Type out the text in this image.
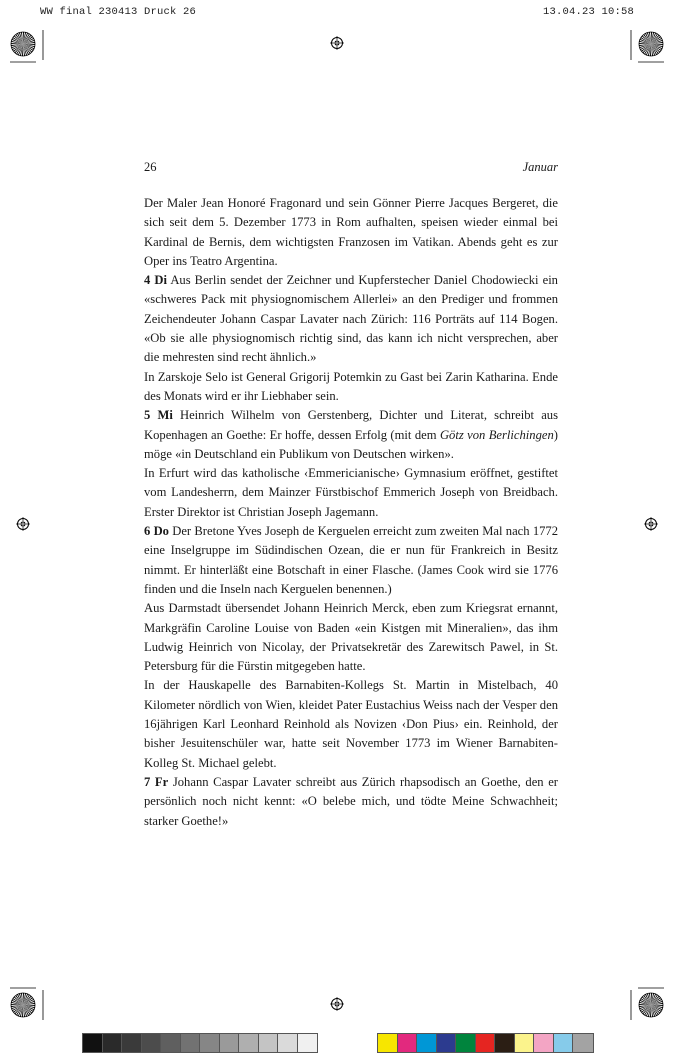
WW final 230413 Druck 26	13.04.23 10:58
26	Januar

Der Maler Jean Honoré Fragonard und sein Gönner Pierre Jacques Bergeret, die sich seit dem 5. Dezember 1773 in Rom aufhalten, speisen wieder einmal bei Kardinal de Bernis, dem wichtigsten Franzosen im Vatikan. Abends geht es zur Oper ins Teatro Argentina.

4 Di Aus Berlin sendet der Zeichner und Kupferstecher Daniel Chodowiecki ein «schweres Pack mit physiognomischem Allerlei» an den Prediger und frommen Zeichendeuter Johann Caspar Lavater nach Zürich: 116 Porträts auf 114 Bogen. «Ob sie alle physiognomisch richtig sind, das kann ich nicht versprechen, aber die mehresten sind recht ähnlich.»

In Zarskoje Selo ist General Grigorij Potemkin zu Gast bei Zarin Katharina. Ende des Monats wird er ihr Liebhaber sein.

5 Mi Heinrich Wilhelm von Gerstenberg, Dichter und Literat, schreibt aus Kopenhagen an Goethe: Er hoffe, dessen Erfolg (mit dem Götz von Berlichingen) möge «in Deutschland ein Publikum von Deutschen wirken».

In Erfurt wird das katholische ‹Emmericianische› Gymnasium eröffnet, gestiftet vom Landesherrn, dem Mainzer Fürstbischof Emmerich Joseph von Breidbach. Erster Direktor ist Christian Joseph Jagemann.

6 Do Der Bretone Yves Joseph de Kerguelen erreicht zum zweiten Mal nach 1772 eine Inselgruppe im Südindischen Ozean, die er nun für Frankreich in Besitz nimmt. Er hinterläßt eine Botschaft in einer Flasche. (James Cook wird sie 1776 finden und die Inseln nach Kerguelen benennen.)

Aus Darmstadt übersendet Johann Heinrich Merck, eben zum Kriegsrat ernannt, Markgräfin Caroline Louise von Baden «ein Kistgen mit Mineralien», das ihm Ludwig Heinrich von Nicolay, der Privatsekretär des Zarewitsch Pawel, in St. Petersburg für die Fürstin mitgegeben hatte.

In der Hauskapelle des Barnabiten-Kollegs St. Martin in Mistelbach, 40 Kilometer nördlich von Wien, kleidet Pater Eustachius Weiss nach der Vesper den 16jährigen Karl Leonhard Reinhold als Novizen ‹Don Pius› ein. Reinhold, der bisher Jesuitenschüler war, hatte seit November 1773 im Wiener Barnabiten-Kolleg St. Michael gelebt.

7 Fr Johann Caspar Lavater schreibt aus Zürich rhapsodisch an Goethe, den er persönlich noch nicht kennt: «O belebe mich, und tödte Meine Schwachheit; starker Goethe!»
